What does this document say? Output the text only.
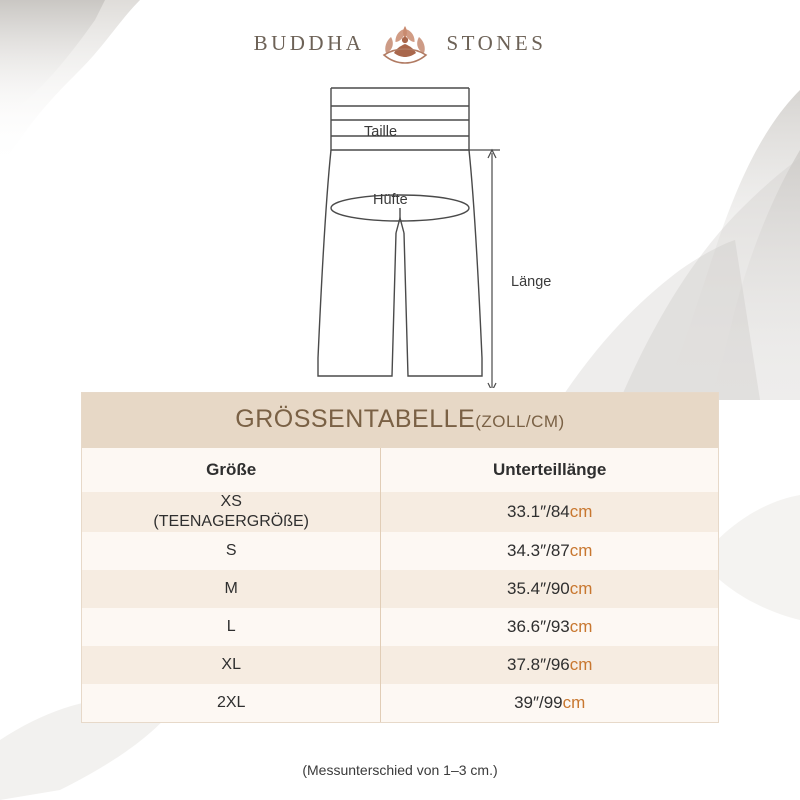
BUDDHA	STONES
Taille
Hüfte
Länge
GRÖSSENTABELLE(ZOLL/CM)
Größe	Unterteillänge
XS
(TEENAGERGRÖßE)	33.1″/84cm
S	34.3″/87cm
M	35.4″/90cm
L	36.6″/93cm
XL	37.8″/96cm
2XL	39″/99cm
(Messunterschied von 1–3 cm.)
